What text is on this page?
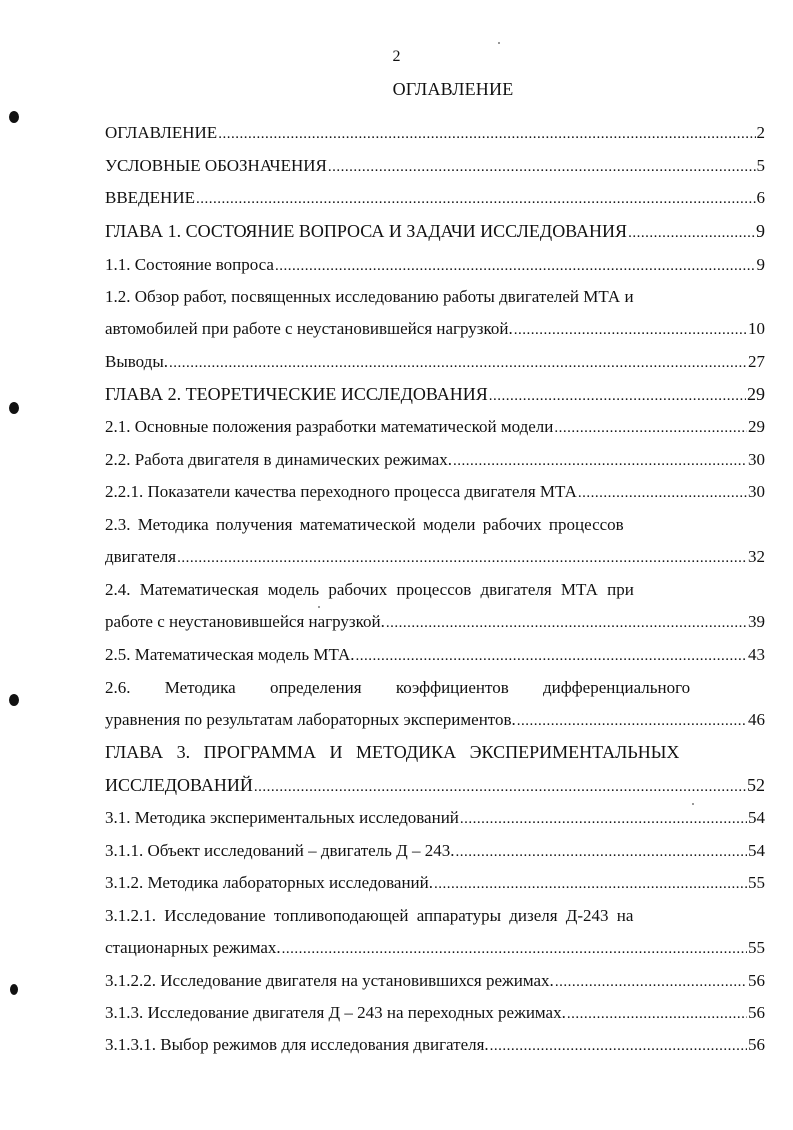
2
ОГЛАВЛЕНИЕ
ОГЛАВЛЕНИЕ .....	2
УСЛОВНЫЕ ОБОЗНАЧЕНИЯ .....	5
ВВЕДЕНИЕ .....	6
ГЛАВА 1. СОСТОЯНИЕ ВОПРОСА И ЗАДАЧИ ИССЛЕДОВАНИЯ .....	9
1.1. Состояние вопроса .....	9
1.2. Обзор работ, посвященных исследованию работы двигателей МТА и
автомобилей при работе с неустановившейся нагрузкой. .....	10
Выводы. .....	27
ГЛАВА 2. ТЕОРЕТИЧЕСКИЕ ИССЛЕДОВАНИЯ .....	29
2.1. Основные положения разработки математической модели .....	29
2.2. Работа двигателя в динамических режимах. .....	30
2.2.1. Показатели качества переходного процесса двигателя МТА .....	30
2.3. Методика получения математической модели рабочих процессов
двигателя .....	32
2.4. Математическая модель рабочих процессов двигателя МТА при
работе с неустановившейся нагрузкой. .....	39
2.5. Математическая модель МТА. .....	43
2.6. Методика определения коэффициентов дифференциального
уравнения по результатам лабораторных экспериментов. .....	46
ГЛАВА 3. ПРОГРАММА И МЕТОДИКА ЭКСПЕРИМЕНТАЛЬНЫХ
ИССЛЕДОВАНИЙ .....	52
3.1. Методика экспериментальных исследований .....	54
3.1.1. Объект исследований – двигатель Д – 243. .....	54
3.1.2. Методика лабораторных исследований. .....	55
3.1.2.1. Исследование топливоподающей аппаратуры дизеля Д-243 на
стационарных режимах. .....	55
3.1.2.2. Исследование двигателя на установившихся режимах. .....	56
3.1.3. Исследование двигателя Д – 243 на переходных режимах. .....	56
3.1.3.1. Выбор режимов для исследования двигателя. .....	56
